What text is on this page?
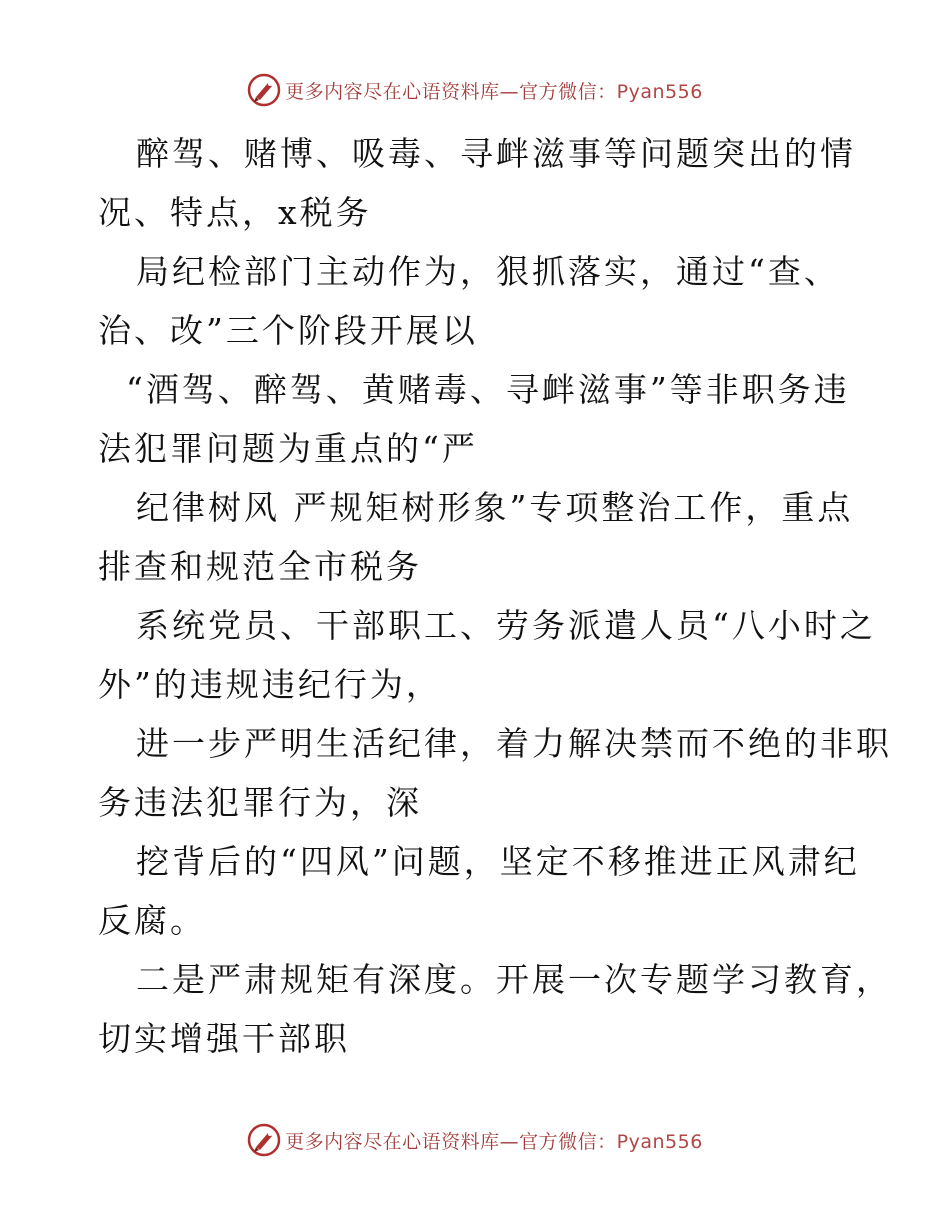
更多内容尽在心语资料库—官方微信：Pyan556
醉驾、赌博、吸毒、寻衅滋事等问题突出的情
况、特点，x税务
局纪检部门主动作为，狠抓落实，通过“查、
治、改”三个阶段开展以
“酒驾、醉驾、黄赌毒、寻衅滋事”等非职务违
法犯罪问题为重点的“严
纪律树风 严规矩树形象”专项整治工作，重点
排查和规范全市税务
系统党员、干部职工、劳务派遣人员“八小时之
外”的违规违纪行为，
进一步严明生活纪律，着力解决禁而不绝的非职
务违法犯罪行为，深
挖背后的“四风”问题，坚定不移推进正风肃纪
反腐。
二是严肃规矩有深度。开展一次专题学习教育，
切实增强干部职
更多内容尽在心语资料库—官方微信：Pyan556
